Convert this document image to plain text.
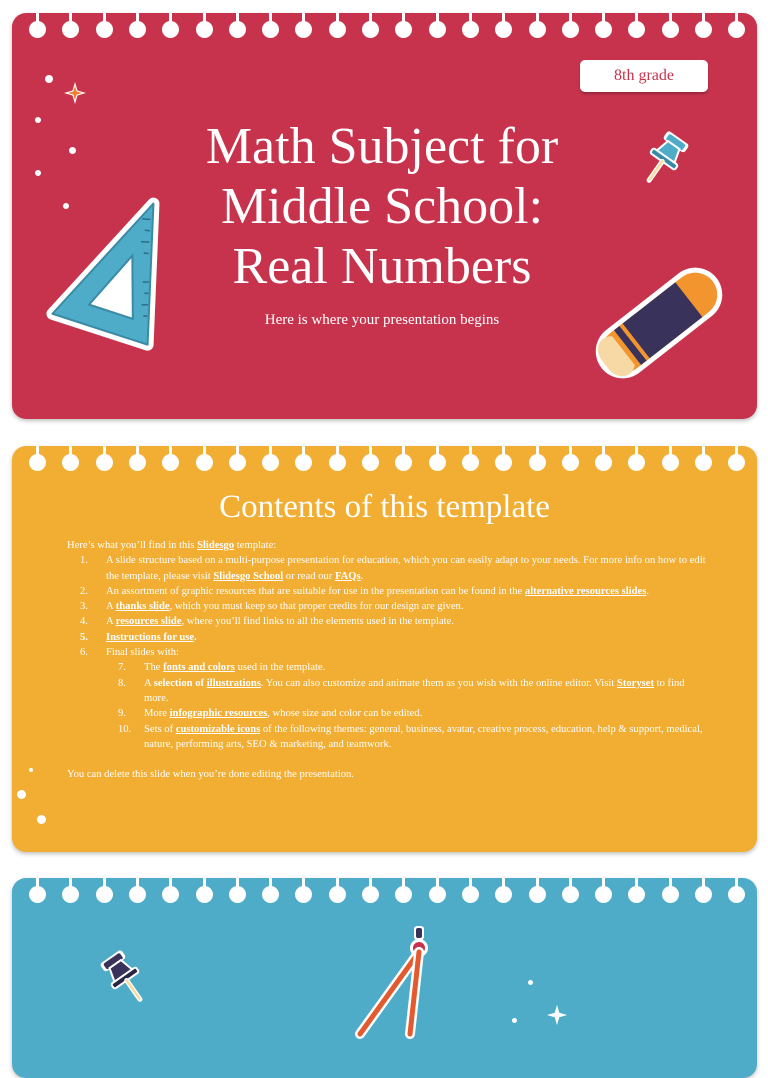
8th grade
Math Subject for
Middle School:
Real Numbers
Here is where your presentation begins
Contents of this template

Here’s what you’ll find in this Slidesgo template:

1.	A slide structure based on a multi-purpose presentation for education, which you can easily adapt to your needs. For more info on how to edit the template, please visit Slidesgo School or read our FAQs.
2.	An assortment of graphic resources that are suitable for use in the presentation can be found in the alternative resources slides.
3.	A thanks slide, which you must keep so that proper credits for our design are given.
4.	A resources slide, where you’ll find links to all the elements used in the template.
5.	Instructions for use.
6.	Final slides with:
7.	The fonts and colors used in the template.
8.	A selection of illustrations. You can also customize and animate them as you wish with the online editor. Visit Storyset to find more.
9.	More infographic resources, whose size and color can be edited.
10.	Sets of customizable icons of the following themes: general, business, avatar, creative process, education, help & support, medical, nature, performing arts, SEO & marketing, and teamwork.

You can delete this slide when you’re done editing the presentation.
